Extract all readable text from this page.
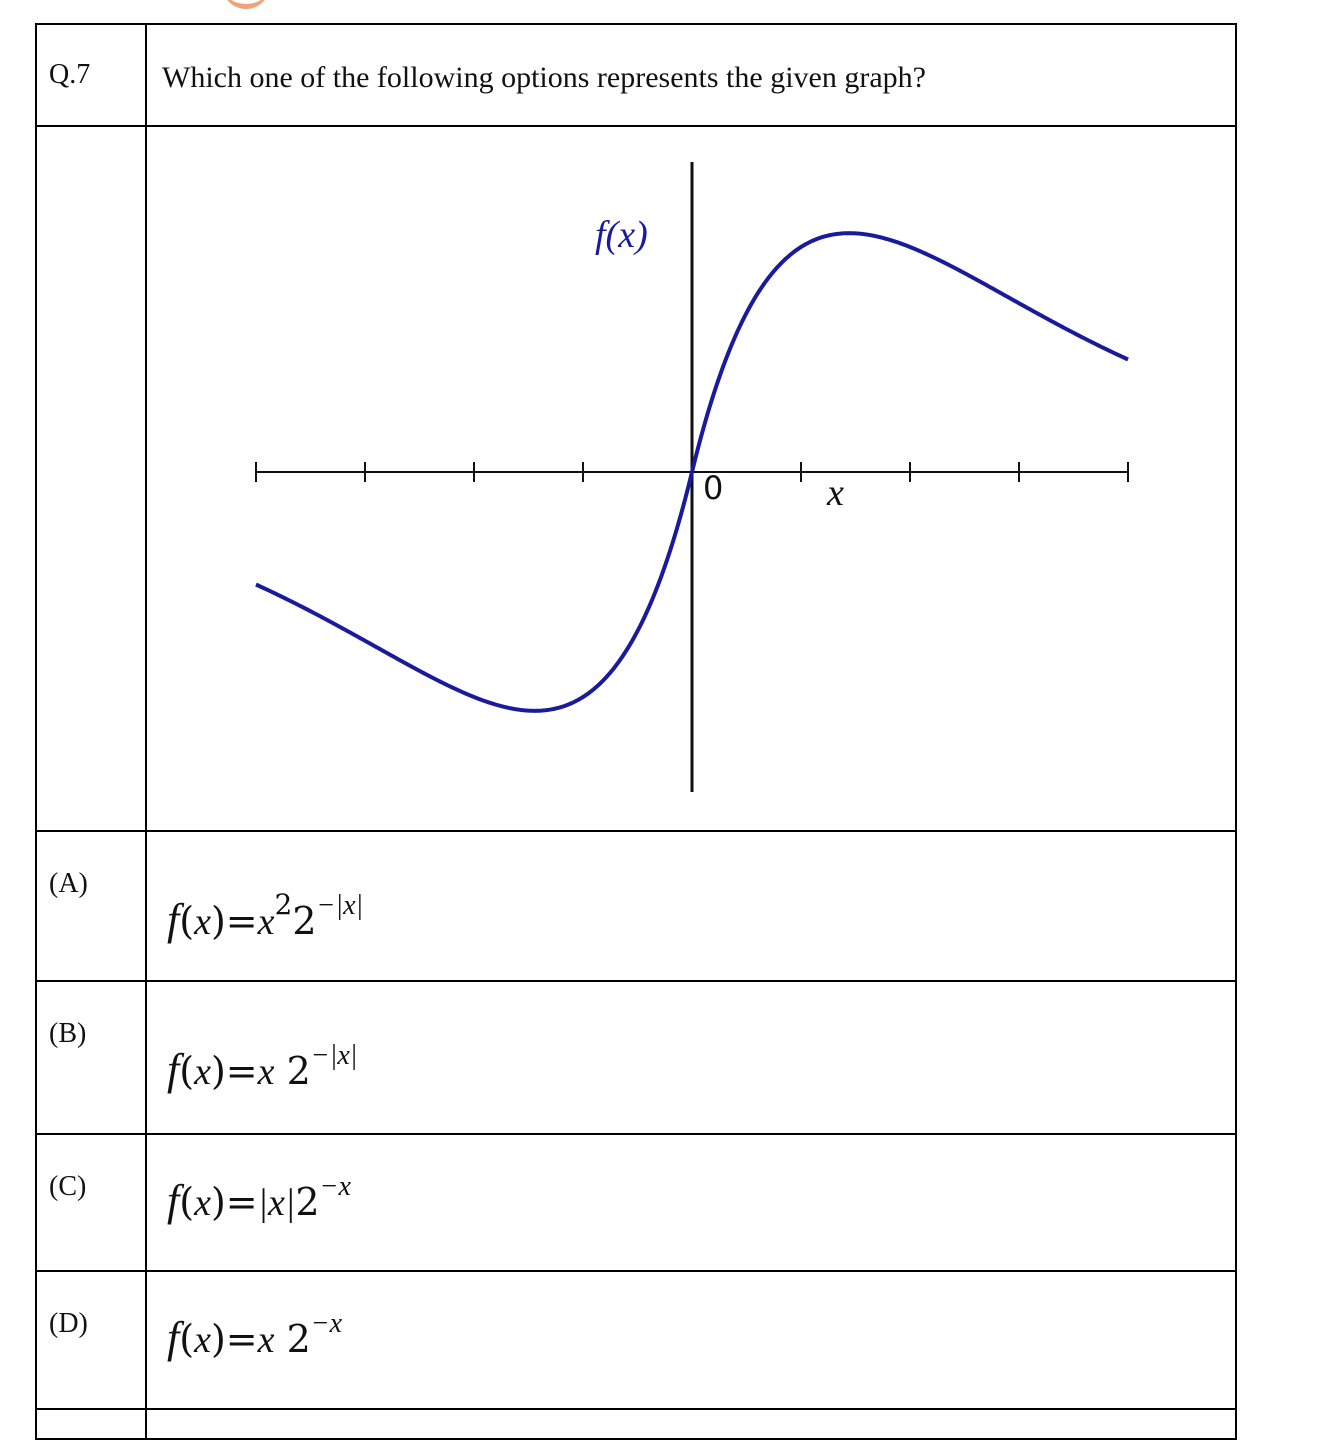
Q.7	Which one of the following options represents the given graph?

f(x)
x
0

(A)	$f(x)=x^22^{-|x|}$

(B)	f(x)=x $2^{-|x|}$

(C)	$f(x)=|x|2^{-x}$

(D)	f(x)=x $2^{-x}$
